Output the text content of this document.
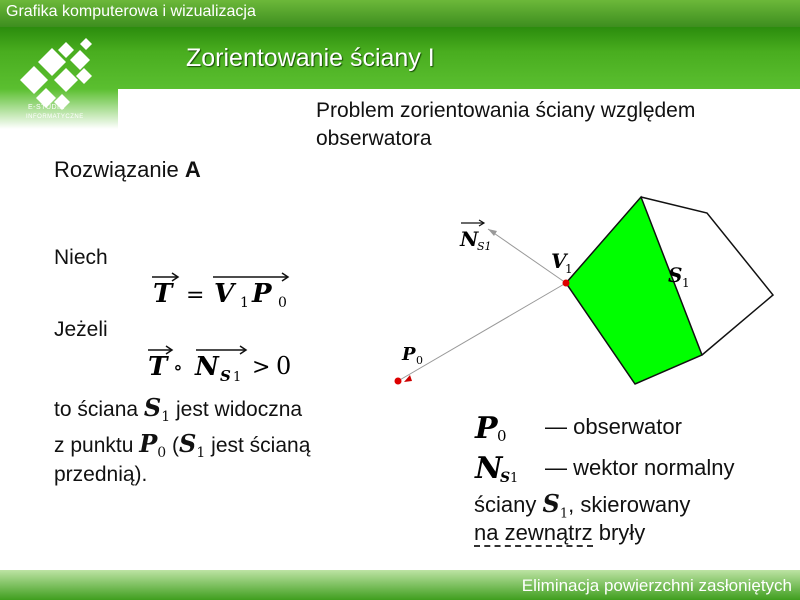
Grafika komputerowa i wizualizacja
Zorientowanie ściany I
E-STUDIA
INFORMATYCZNE	Problem zorientowania ściany względem obserwatora
Rozwiązanie A
Niech
Jeżeli
to ściana $S_1$ jest widoczna
z punktu $P_0$ ($S_1$ jest ścianą
przednią).
T = V 1 P 0
T ∘ N S 1 > 0
N
S1
V
1	S 1
P 0
P 0
N
S 1
— obserwator
— wektor normalny
ściany $S_1$, skierowany
na zewnątrz bryły
Eliminacja powierzchni zasłoniętych
